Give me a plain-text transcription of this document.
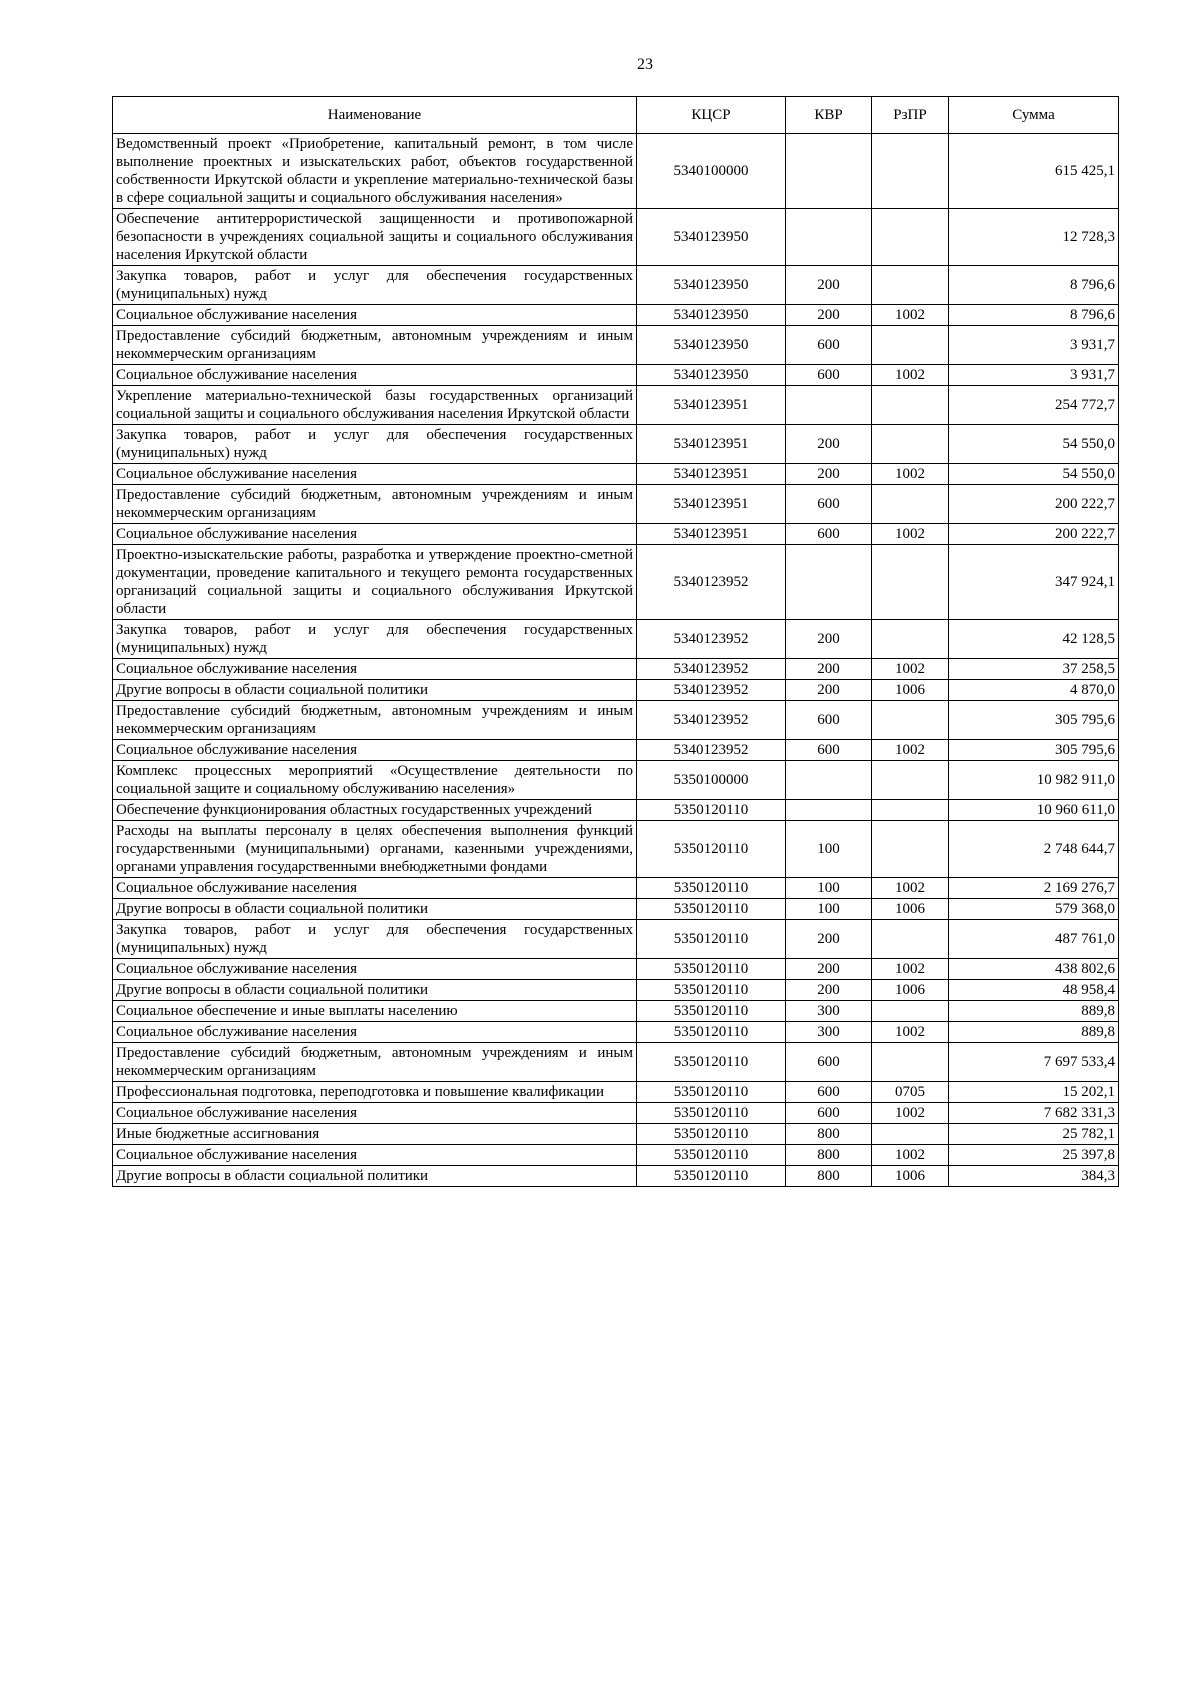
23
Наименование	КЦСР	КВР	РзПР	Сумма
Ведомственный проект «Приобретение, капитальный ремонт, в том числе выполнение проектных и изыскательских работ, объектов государственной собственности Иркутской области и укрепление материально-технической базы в сфере социальной защиты и социального обслуживания населения»	5340100000			615 425,1
Обеспечение антитеррористической защищенности и противопожарной безопасности в учреждениях социальной защиты и социального обслуживания населения Иркутской области	5340123950			12 728,3
Закупка товаров, работ и услуг для обеспечения государственных (муниципальных) нужд	5340123950	200		8 796,6
Социальное обслуживание населения	5340123950	200	1002	8 796,6
Предоставление субсидий бюджетным, автономным учреждениям и иным некоммерческим организациям	5340123950	600		3 931,7
Социальное обслуживание населения	5340123950	600	1002	3 931,7
Укрепление материально-технической базы государственных организаций социальной защиты и социального обслуживания населения Иркутской области	5340123951			254 772,7
Закупка товаров, работ и услуг для обеспечения государственных (муниципальных) нужд	5340123951	200		54 550,0
Социальное обслуживание населения	5340123951	200	1002	54 550,0
Предоставление субсидий бюджетным, автономным учреждениям и иным некоммерческим организациям	5340123951	600		200 222,7
Социальное обслуживание населения	5340123951	600	1002	200 222,7
Проектно-изыскательские работы, разработка и утверждение проектно-сметной документации, проведение капитального и текущего ремонта государственных организаций социальной защиты и социального обслуживания Иркутской области	5340123952			347 924,1
Закупка товаров, работ и услуг для обеспечения государственных (муниципальных) нужд	5340123952	200		42 128,5
Социальное обслуживание населения	5340123952	200	1002	37 258,5
Другие вопросы в области социальной политики	5340123952	200	1006	4 870,0
Предоставление субсидий бюджетным, автономным учреждениям и иным некоммерческим организациям	5340123952	600		305 795,6
Социальное обслуживание населения	5340123952	600	1002	305 795,6
Комплекс процессных мероприятий «Осуществление деятельности по социальной защите и социальному обслуживанию населения»	5350100000			10 982 911,0
Обеспечение функционирования областных государственных учреждений	5350120110			10 960 611,0
Расходы на выплаты персоналу в целях обеспечения выполнения функций государственными (муниципальными) органами, казенными учреждениями, органами управления государственными внебюджетными фондами	5350120110	100		2 748 644,7
Социальное обслуживание населения	5350120110	100	1002	2 169 276,7
Другие вопросы в области социальной политики	5350120110	100	1006	579 368,0
Закупка товаров, работ и услуг для обеспечения государственных (муниципальных) нужд	5350120110	200		487 761,0
Социальное обслуживание населения	5350120110	200	1002	438 802,6
Другие вопросы в области социальной политики	5350120110	200	1006	48 958,4
Социальное обеспечение и иные выплаты населению	5350120110	300		889,8
Социальное обслуживание населения	5350120110	300	1002	889,8
Предоставление субсидий бюджетным, автономным учреждениям и иным некоммерческим организациям	5350120110	600		7 697 533,4
Профессиональная подготовка, переподготовка и повышение квалификации	5350120110	600	0705	15 202,1
Социальное обслуживание населения	5350120110	600	1002	7 682 331,3
Иные бюджетные ассигнования	5350120110	800		25 782,1
Социальное обслуживание населения	5350120110	800	1002	25 397,8
Другие вопросы в области социальной политики	5350120110	800	1006	384,3
